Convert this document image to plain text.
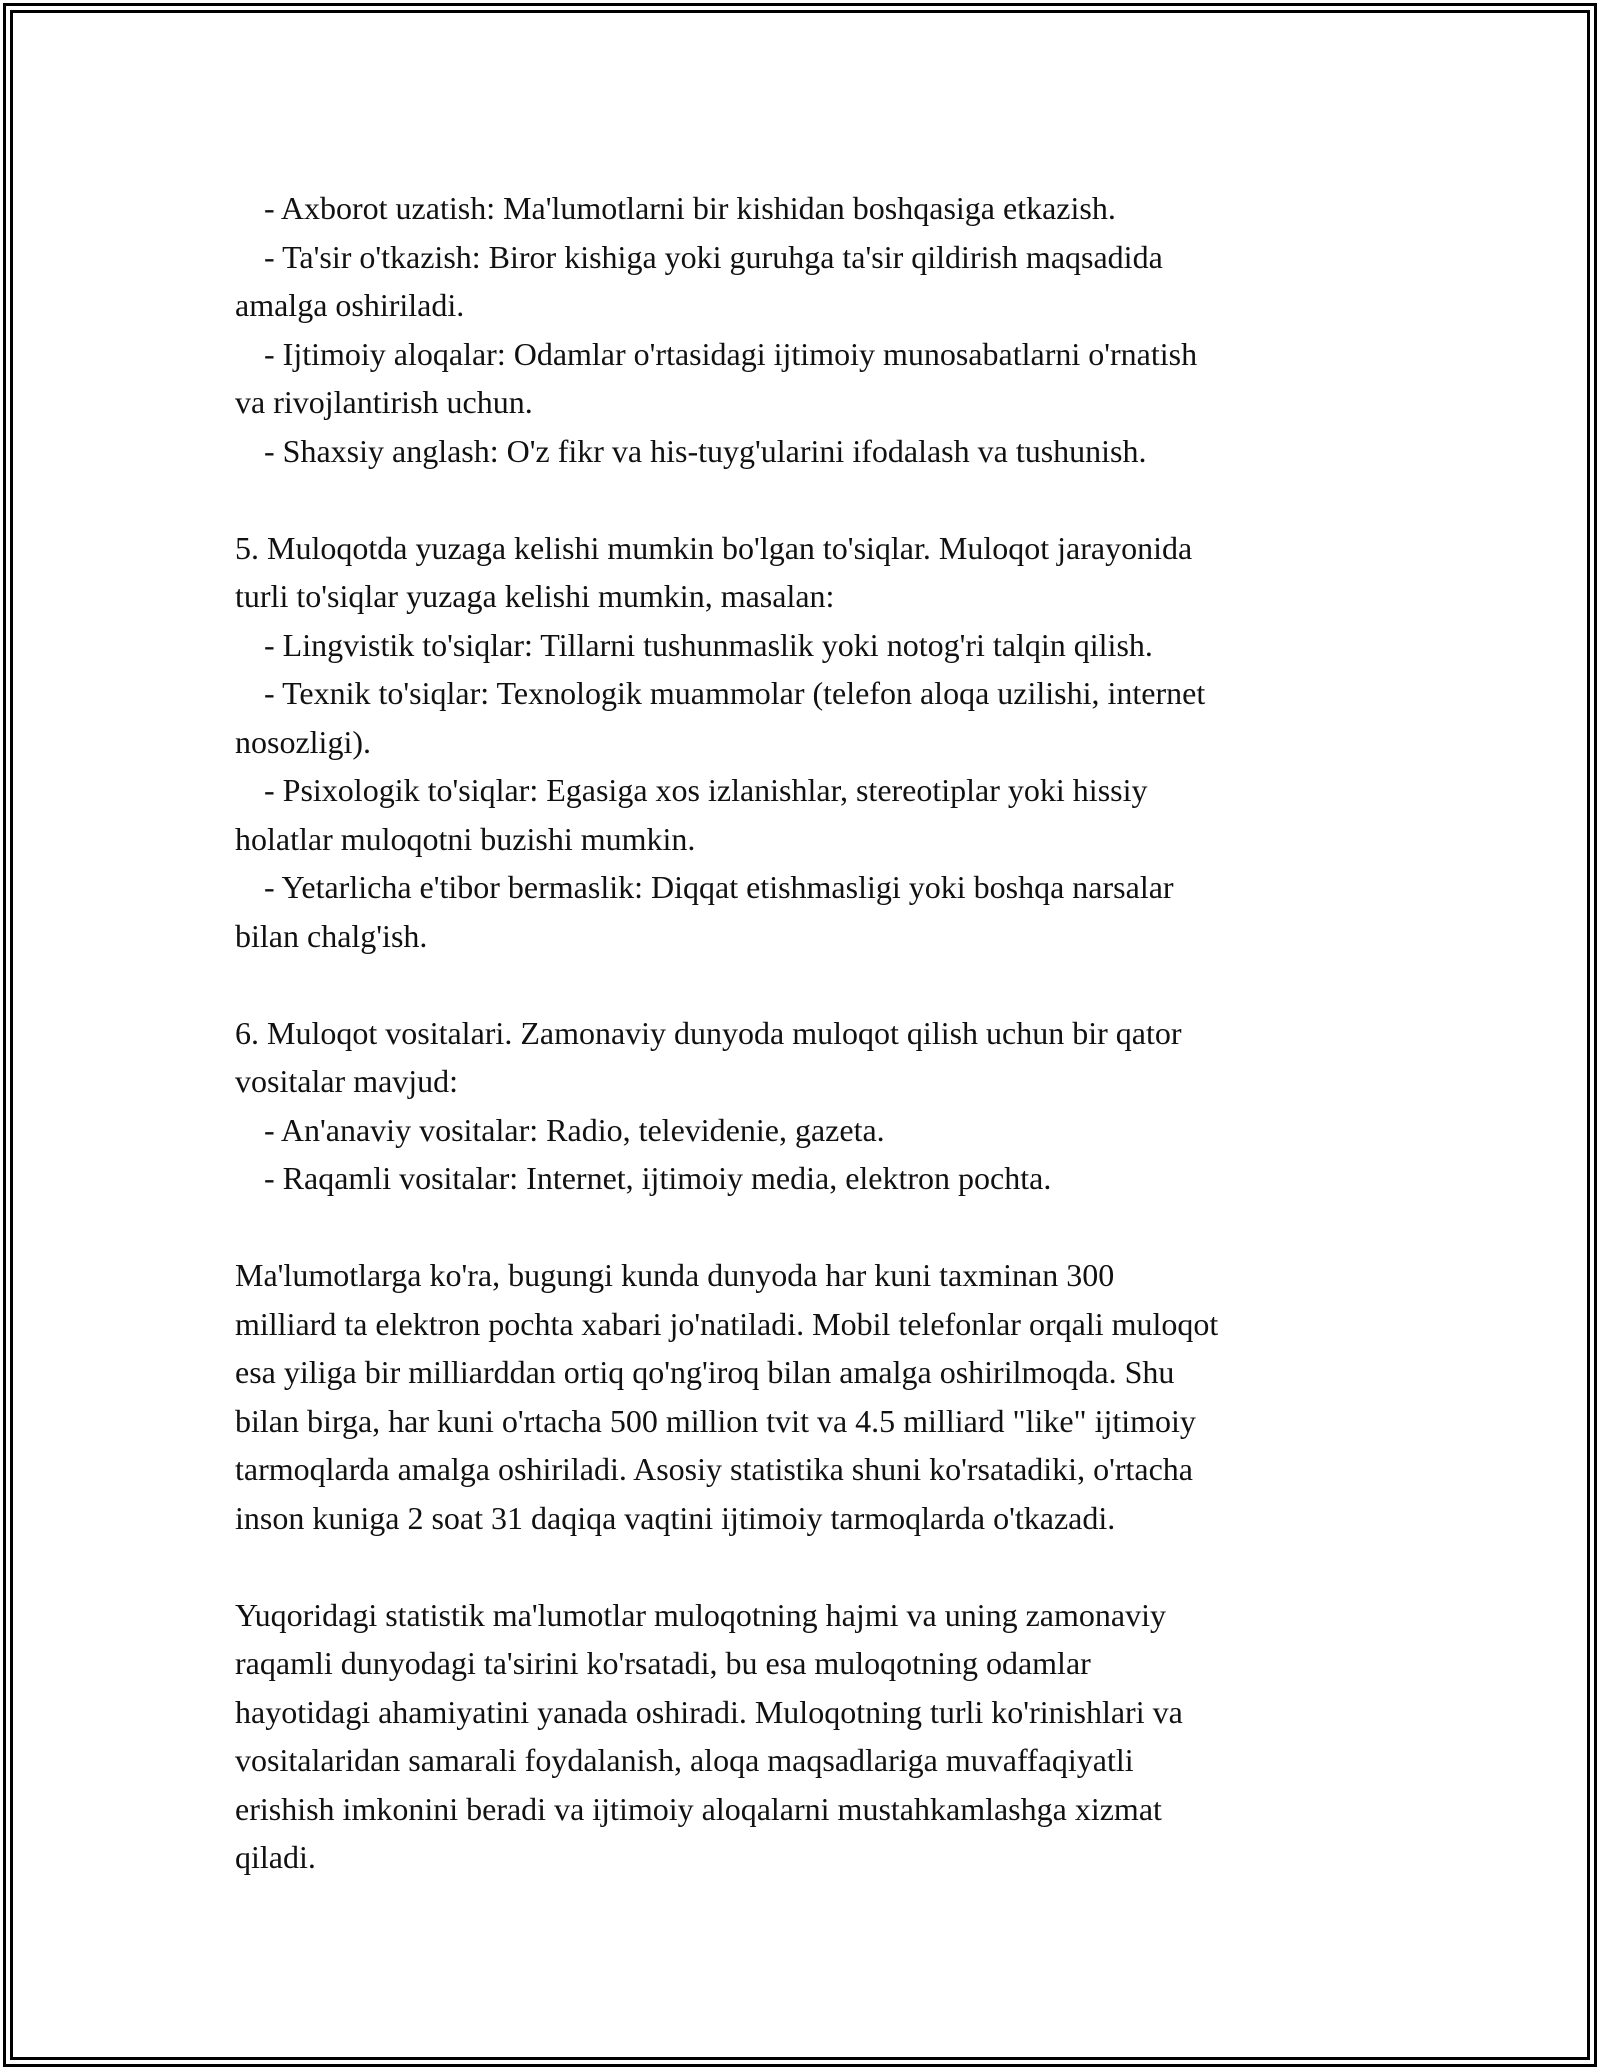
- Axborot uzatish: Ma'lumotlarni bir kishidan boshqasiga etkazish.
- Ta'sir o'tkazish: Biror kishiga yoki guruhga ta'sir qildirish maqsadida
amalga oshiriladi.
- Ijtimoiy aloqalar: Odamlar o'rtasidagi ijtimoiy munosabatlarni o'rnatish
va rivojlantirish uchun.
- Shaxsiy anglash: O'z fikr va his-tuyg'ularini ifodalash va tushunish.
5. Muloqotda yuzaga kelishi mumkin bo'lgan to'siqlar. Muloqot jarayonida
turli to'siqlar yuzaga kelishi mumkin, masalan:
- Lingvistik to'siqlar: Tillarni tushunmaslik yoki notog'ri talqin qilish.
- Texnik to'siqlar: Texnologik muammolar (telefon aloqa uzilishi, internet
nosozligi).
- Psixologik to'siqlar: Egasiga xos izlanishlar, stereotiplar yoki hissiy
holatlar muloqotni buzishi mumkin.
- Yetarlicha e'tibor bermaslik: Diqqat etishmasligi yoki boshqa narsalar
bilan chalg'ish.
6. Muloqot vositalari. Zamonaviy dunyoda muloqot qilish uchun bir qator
vositalar mavjud:
- An'anaviy vositalar: Radio, televidenie, gazeta.
- Raqamli vositalar: Internet, ijtimoiy media, elektron pochta.
Ma'lumotlarga ko'ra, bugungi kunda dunyoda har kuni taxminan 300
milliard ta elektron pochta xabari jo'natiladi. Mobil telefonlar orqali muloqot
esa yiliga bir milliarddan ortiq qo'ng'iroq bilan amalga oshirilmoqda. Shu
bilan birga, har kuni o'rtacha 500 million tvit va 4.5 milliard "like" ijtimoiy
tarmoqlarda amalga oshiriladi. Asosiy statistika shuni ko'rsatadiki, o'rtacha
inson kuniga 2 soat 31 daqiqa vaqtini ijtimoiy tarmoqlarda o'tkazadi.
Yuqoridagi statistik ma'lumotlar muloqotning hajmi va uning zamonaviy
raqamli dunyodagi ta'sirini ko'rsatadi, bu esa muloqotning odamlar
hayotidagi ahamiyatini yanada oshiradi. Muloqotning turli ko'rinishlari va
vositalaridan samarali foydalanish, aloqa maqsadlariga muvaffaqiyatli
erishish imkonini beradi va ijtimoiy aloqalarni mustahkamlashga xizmat
qiladi.
